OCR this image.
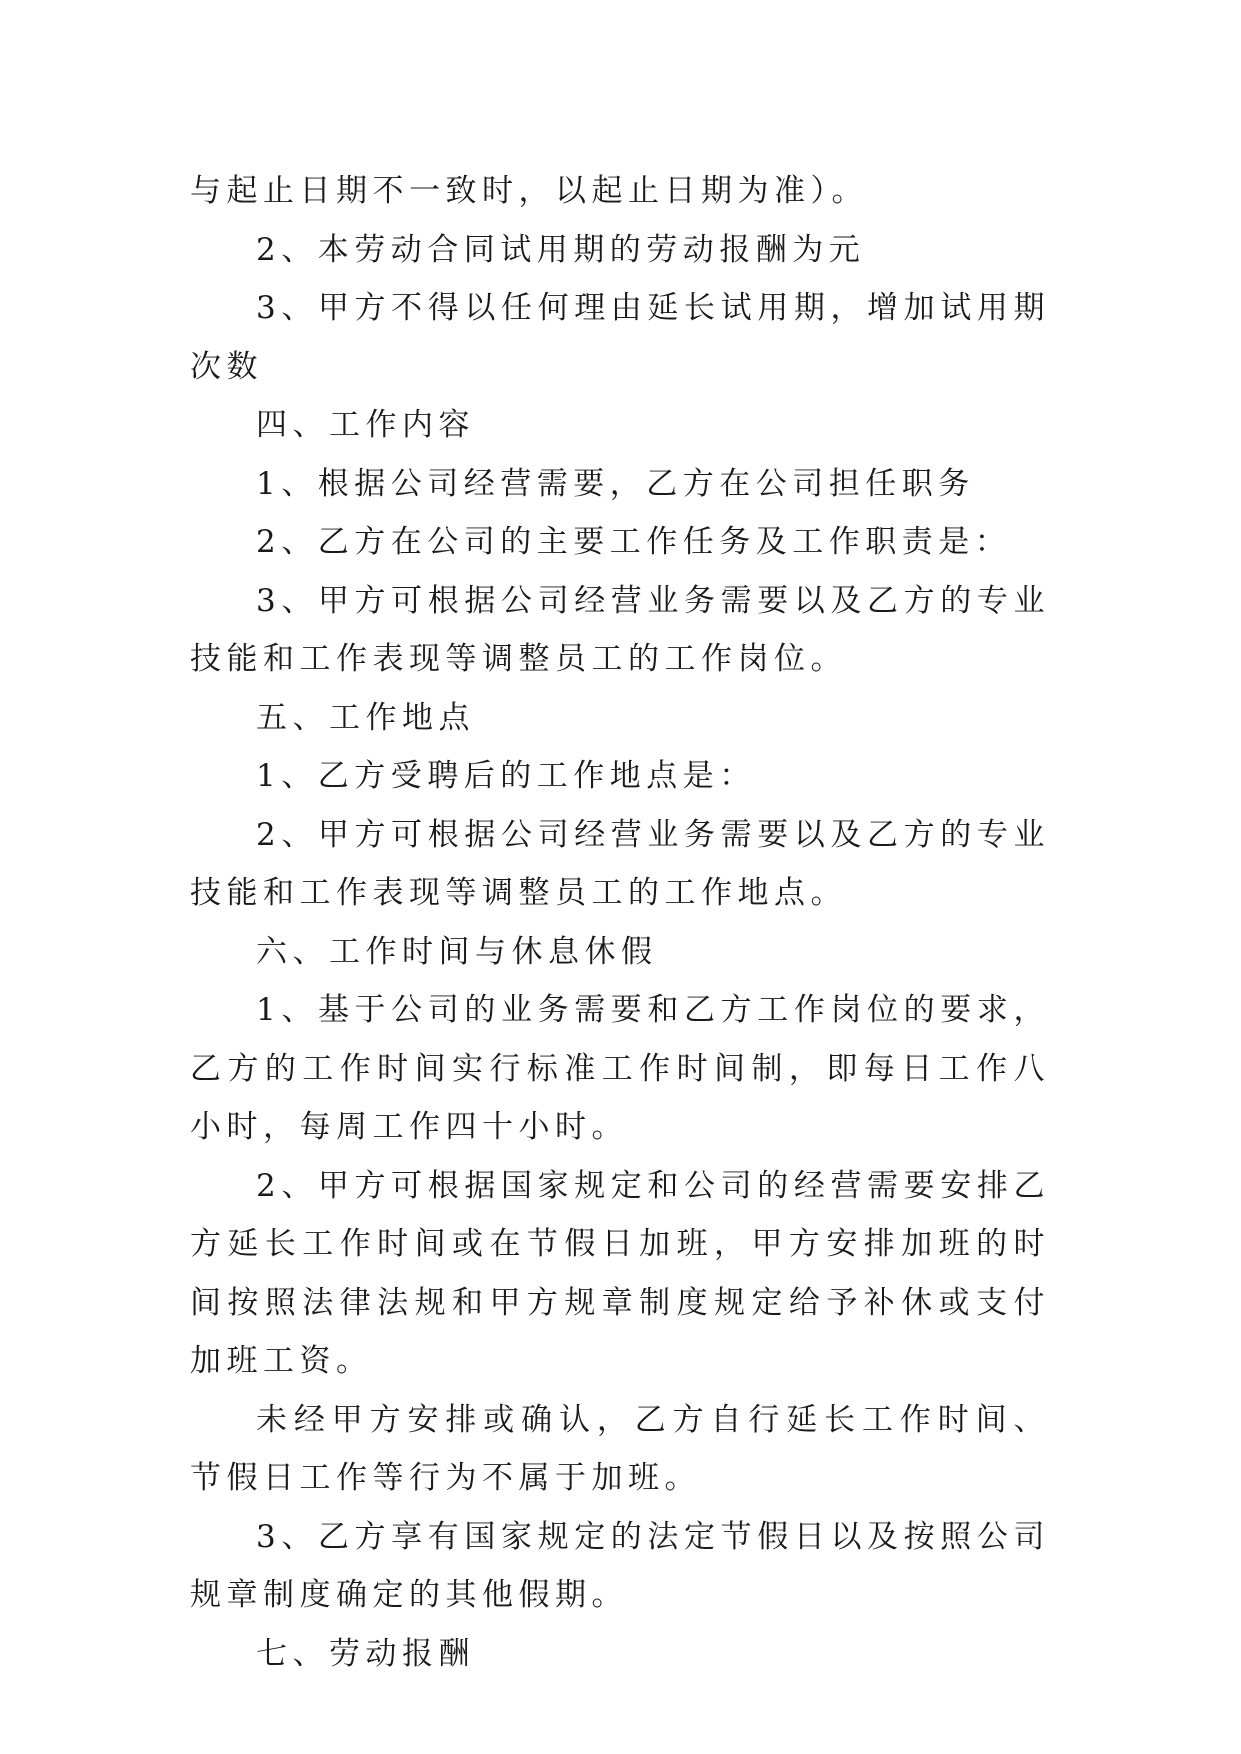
与起止日期不一致时，以起止日期为准）。

2、本劳动合同试用期的劳动报酬为元

3、甲方不得以任何理由延长试用期，增加试用期次数

四、工作内容

1、根据公司经营需要，乙方在公司担任职务

2、乙方在公司的主要工作任务及工作职责是：

3、甲方可根据公司经营业务需要以及乙方的专业技能和工作表现等调整员工的工作岗位。

五、工作地点

1、乙方受聘后的工作地点是：

2、甲方可根据公司经营业务需要以及乙方的专业技能和工作表现等调整员工的工作地点。

六、工作时间与休息休假

1、基于公司的业务需要和乙方工作岗位的要求，乙方的工作时间实行标准工作时间制，即每日工作八小时，每周工作四十小时。

2、甲方可根据国家规定和公司的经营需要安排乙方延长工作时间或在节假日加班，甲方安排加班的时间按照法律法规和甲方规章制度规定给予补休或支付加班工资。

未经甲方安排或确认，乙方自行延长工作时间、节假日工作等行为不属于加班。

3、乙方享有国家规定的法定节假日以及按照公司规章制度确定的其他假期。

七、劳动报酬
